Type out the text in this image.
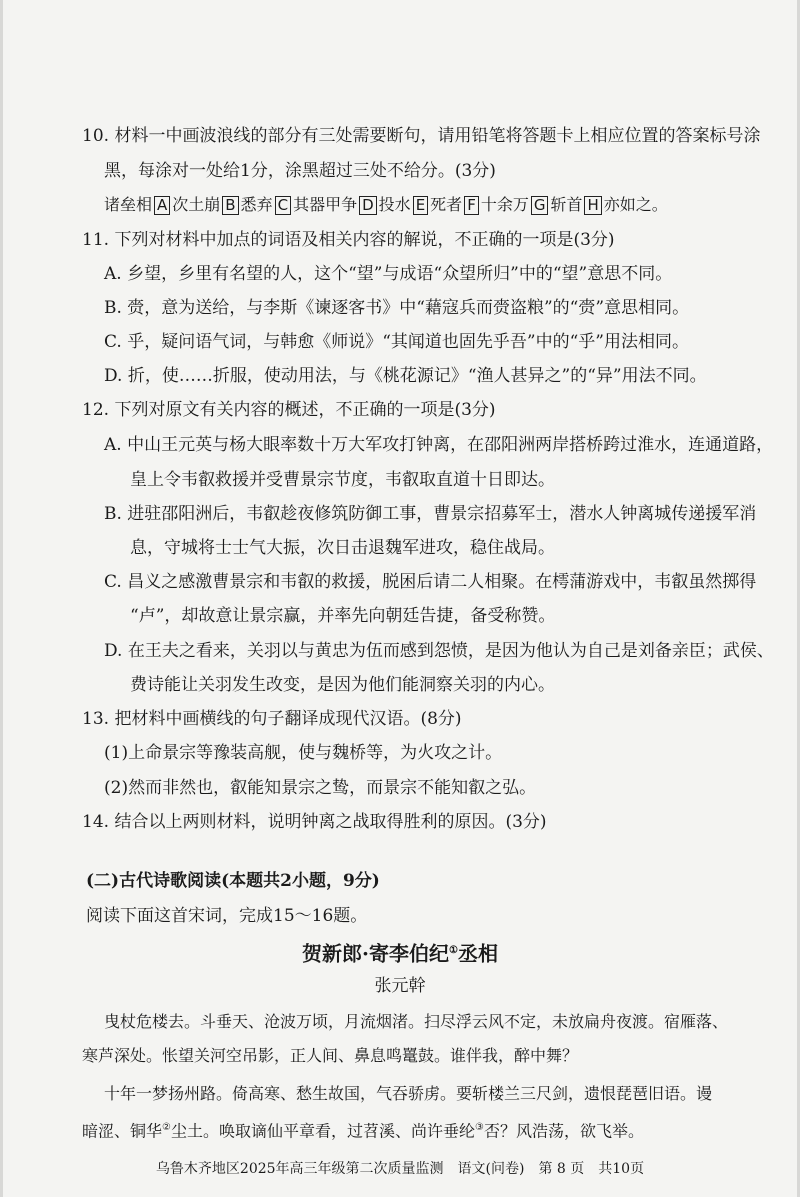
10. 材料一中画波浪线的部分有三处需要断句，请用铅笔将答题卡上相应位置的答案标号涂
黑，每涂对一处给1分，涂黑超过三处不给分。(3分)
诸垒相 A 次土崩 B 悉弃 C 其器甲争 D 投水 E 死者 F 十余万 G 斩首 H 亦如之。
11. 下列对材料中加点的词语及相关内容的解说，不正确的一项是(3分)
A. 乡望，乡里有名望的人，这个“望”与成语“众望所归”中的“望”意思不同。
B. 赍，意为送给，与李斯《谏逐客书》中“藉寇兵而赍盗粮”的“赍”意思相同。
C. 乎，疑问语气词，与韩愈《师说》“其闻道也固先乎吾”中的“乎”用法相同。
D. 折，使……折服，使动用法，与《桃花源记》“渔人甚异之”的“异”用法不同。
12. 下列对原文有关内容的概述，不正确的一项是(3分)
A. 中山王元英与杨大眼率数十万大军攻打钟离，在邵阳洲两岸搭桥跨过淮水，连通道路，
皇上令韦叡救援并受曹景宗节度，韦叡取直道十日即达。
B. 进驻邵阳洲后，韦叡趁夜修筑防御工事，曹景宗招募军士，潜水人钟离城传递援军消
息，守城将士士气大振，次日击退魏军进攻，稳住战局。
C. 昌义之感激曹景宗和韦叡的救援，脱困后请二人相聚。在樗蒲游戏中，韦叡虽然掷得
“卢”，却故意让景宗赢，并率先向朝廷告捷，备受称赞。
D. 在王夫之看来，关羽以与黄忠为伍而感到怨愤，是因为他认为自己是刘备亲臣；武侯、
费诗能让关羽发生改变，是因为他们能洞察关羽的内心。
13. 把材料中画横线的句子翻译成现代汉语。(8分)
(1)上命景宗等豫装高舰，使与魏桥等，为火攻之计。
(2)然而非然也，叡能知景宗之鸷，而景宗不能知叡之弘。
14. 结合以上两则材料，说明钟离之战取得胜利的原因。(3分)
(二)古代诗歌阅读(本题共2小题，9分)
阅读下面这首宋词，完成15～16题。
贺新郎·寄李伯纪①丞相
张元幹
曳杖危楼去。斗垂天、沧波万顷，月流烟渚。扫尽浮云风不定，未放扁舟夜渡。宿雁落、
寒芦深处。怅望关河空吊影，正人间、鼻息鸣鼍鼓。谁伴我，醉中舞？
十年一梦扬州路。倚高寒、愁生故国，气吞骄虏。要斩楼兰三尺剑，遗恨琵琶旧语。谩
暗涩、铜华②尘土。唤取谪仙平章看，过苕溪、尚许垂纶③否？风浩荡，欲飞举。
乌鲁木齐地区2025年高三年级第二次质量监测　语文(问卷)　第 8 页　共10页
